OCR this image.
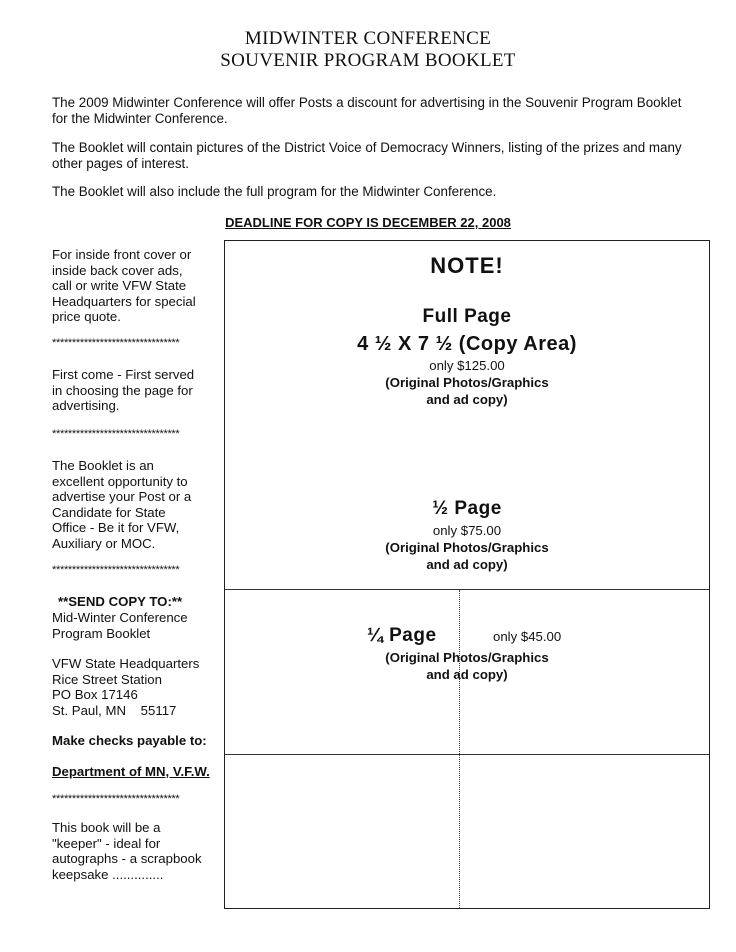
MIDWINTER CONFERENCE
SOUVENIR PROGRAM BOOKLET
The 2009 Midwinter Conference will offer Posts a discount for advertising in the Souvenir Program Booklet for the Midwinter Conference.
The Booklet will contain pictures of the District Voice of Democracy Winners, listing of the prizes and many other pages of interest.
The Booklet will also include the full program for the Midwinter Conference.
DEADLINE FOR COPY IS DECEMBER 22, 2008
For inside front cover or
inside back cover ads,
call or write VFW State
Headquarters for special
price quote.
********************************
First come - First served
in choosing the page for
advertising.
********************************
The Booklet is an
excellent opportunity to
advertise your Post or a
Candidate for State
Office - Be it for VFW,
Auxiliary or MOC.
********************************
**SEND COPY TO:**
Mid-Winter Conference
Program Booklet
VFW State Headquarters
Rice Street Station
PO Box 17146
St. Paul, MN    55117
Make checks payable to:
Department of MN, V.F.W.
********************************
This book will be a
"keeper" - ideal for
autographs - a scrapbook
keepsake ..............
NOTE!
Full Page
4 ½ X 7 ½ (Copy Area)
only $125.00
(Original Photos/Graphics
and ad copy)
½ Page
only $75.00
(Original Photos/Graphics
and ad copy)
¼ Page	only $45.00
(Original Photos/Graphics
and ad copy)
